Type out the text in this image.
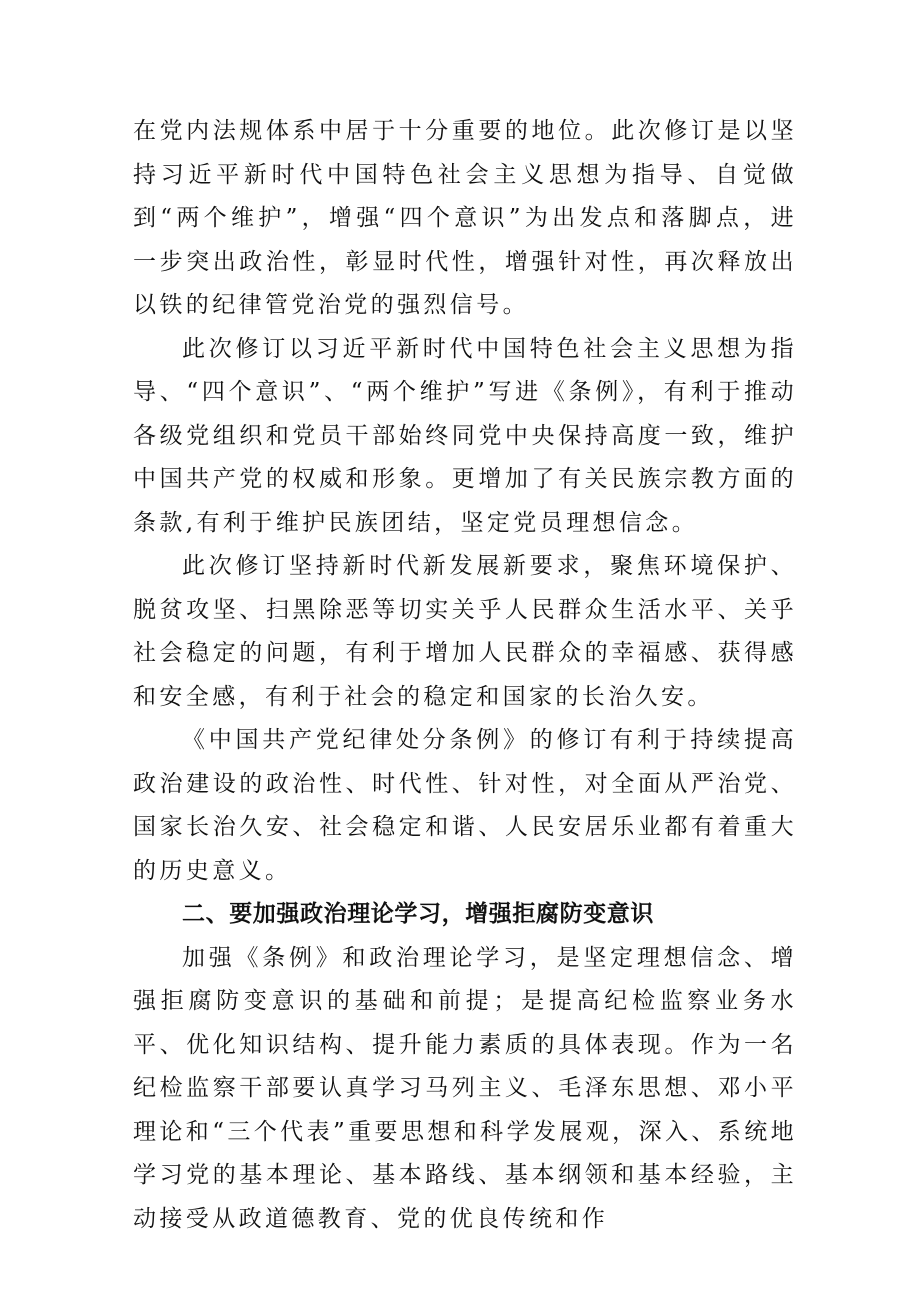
在党内法规体系中居于十分重要的地位。此次修订是以坚持习近平新时代中国特色社会主义思想为指导、自觉做到“两个维护”，增强“四个意识”为出发点和落脚点，进一步突出政治性，彰显时代性，增强针对性，再次释放出以铁的纪律管党治党的强烈信号。

此次修订以习近平新时代中国特色社会主义思想为指导、“四个意识”、“两个维护”写进《条例》，有利于推动各级党组织和党员干部始终同党中央保持高度一致，维护中国共产党的权威和形象。更增加了有关民族宗教方面的条款,有利于维护民族团结，坚定党员理想信念。

此次修订坚持新时代新发展新要求，聚焦环境保护、脱贫攻坚、扫黑除恶等切实关乎人民群众生活水平、关乎社会稳定的问题，有利于增加人民群众的幸福感、获得感和安全感，有利于社会的稳定和国家的长治久安。

《中国共产党纪律处分条例》的修订有利于持续提高政治建设的政治性、时代性、针对性，对全面从严治党、国家长治久安、社会稳定和谐、人民安居乐业都有着重大的历史意义。

二、要加强政治理论学习，增强拒腐防变意识

加强《条例》和政治理论学习，是坚定理想信念、增强拒腐防变意识的基础和前提；是提高纪检监察业务水平、优化知识结构、提升能力素质的具体表现。作为一名纪检监察干部要认真学习马列主义、毛泽东思想、邓小平理论和“三个代表”重要思想和科学发展观，深入、系统地学习党的基本理论、基本路线、基本纲领和基本经验，主动接受从政道德教育、党的优良传统和作
